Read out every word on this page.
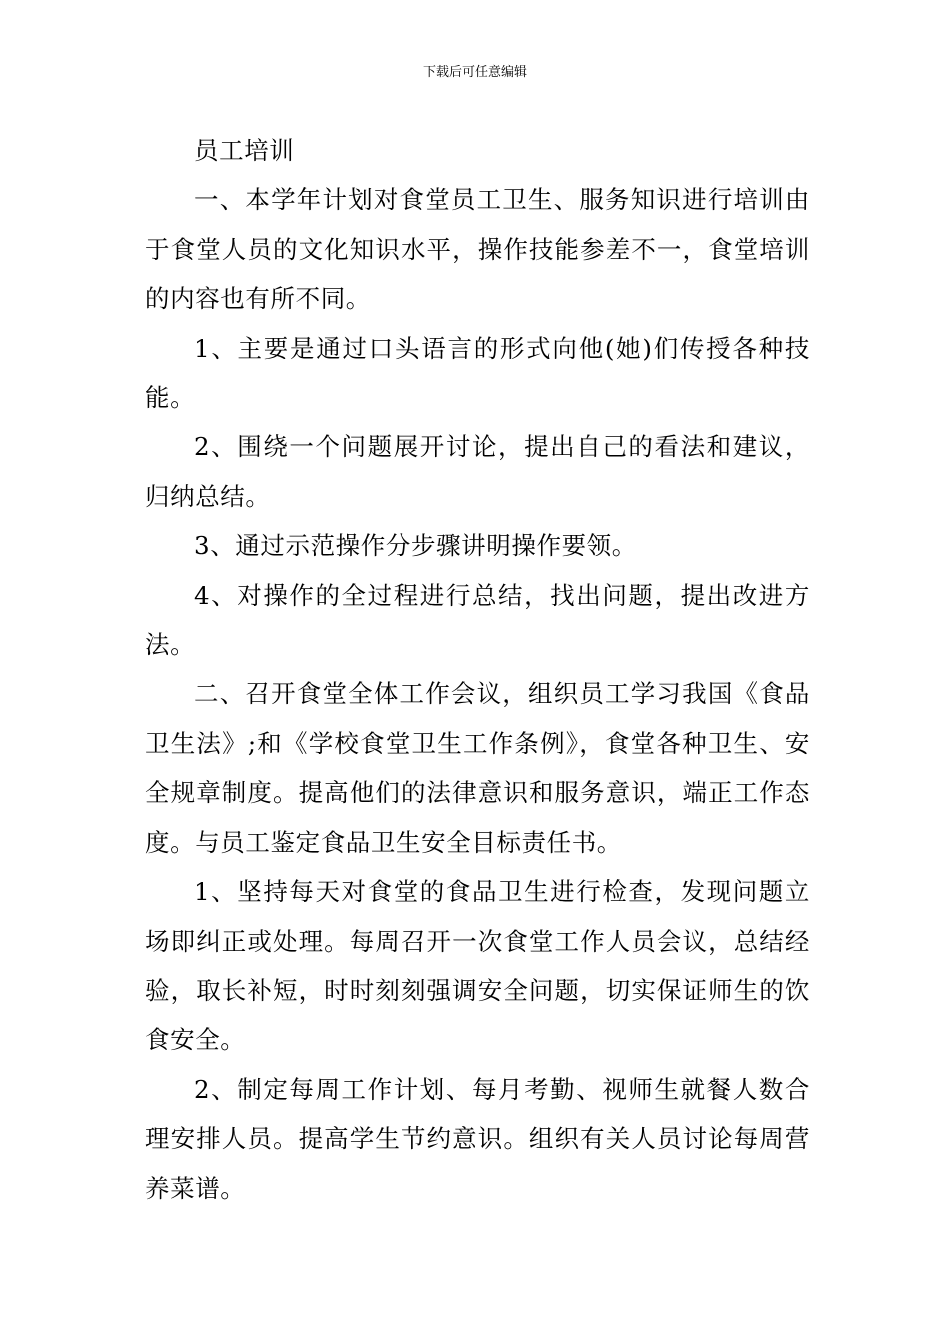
下载后可任意编辑

员工培训

一、本学年计划对食堂员工卫生、服务知识进行培训由于食堂人员的文化知识水平，操作技能参差不一，食堂培训的内容也有所不同。

1、主要是通过口头语言的形式向他(她)们传授各种技能。

2、围绕一个问题展开讨论，提出自己的看法和建议，归纳总结。

3、通过示范操作分步骤讲明操作要领。

4、对操作的全过程进行总结，找出问题，提出改进方法。

二、召开食堂全体工作会议，组织员工学习我国《食品卫生法》;和《学校食堂卫生工作条例》，食堂各种卫生、安全规章制度。提高他们的法律意识和服务意识，端正工作态度。与员工鉴定食品卫生安全目标责任书。

1、坚持每天对食堂的食品卫生进行检查，发现问题立场即纠正或处理。每周召开一次食堂工作人员会议，总结经验，取长补短，时时刻刻强调安全问题，切实保证师生的饮食安全。

2、制定每周工作计划、每月考勤、视师生就餐人数合理安排人员。提高学生节约意识。组织有关人员讨论每周营养菜谱。
